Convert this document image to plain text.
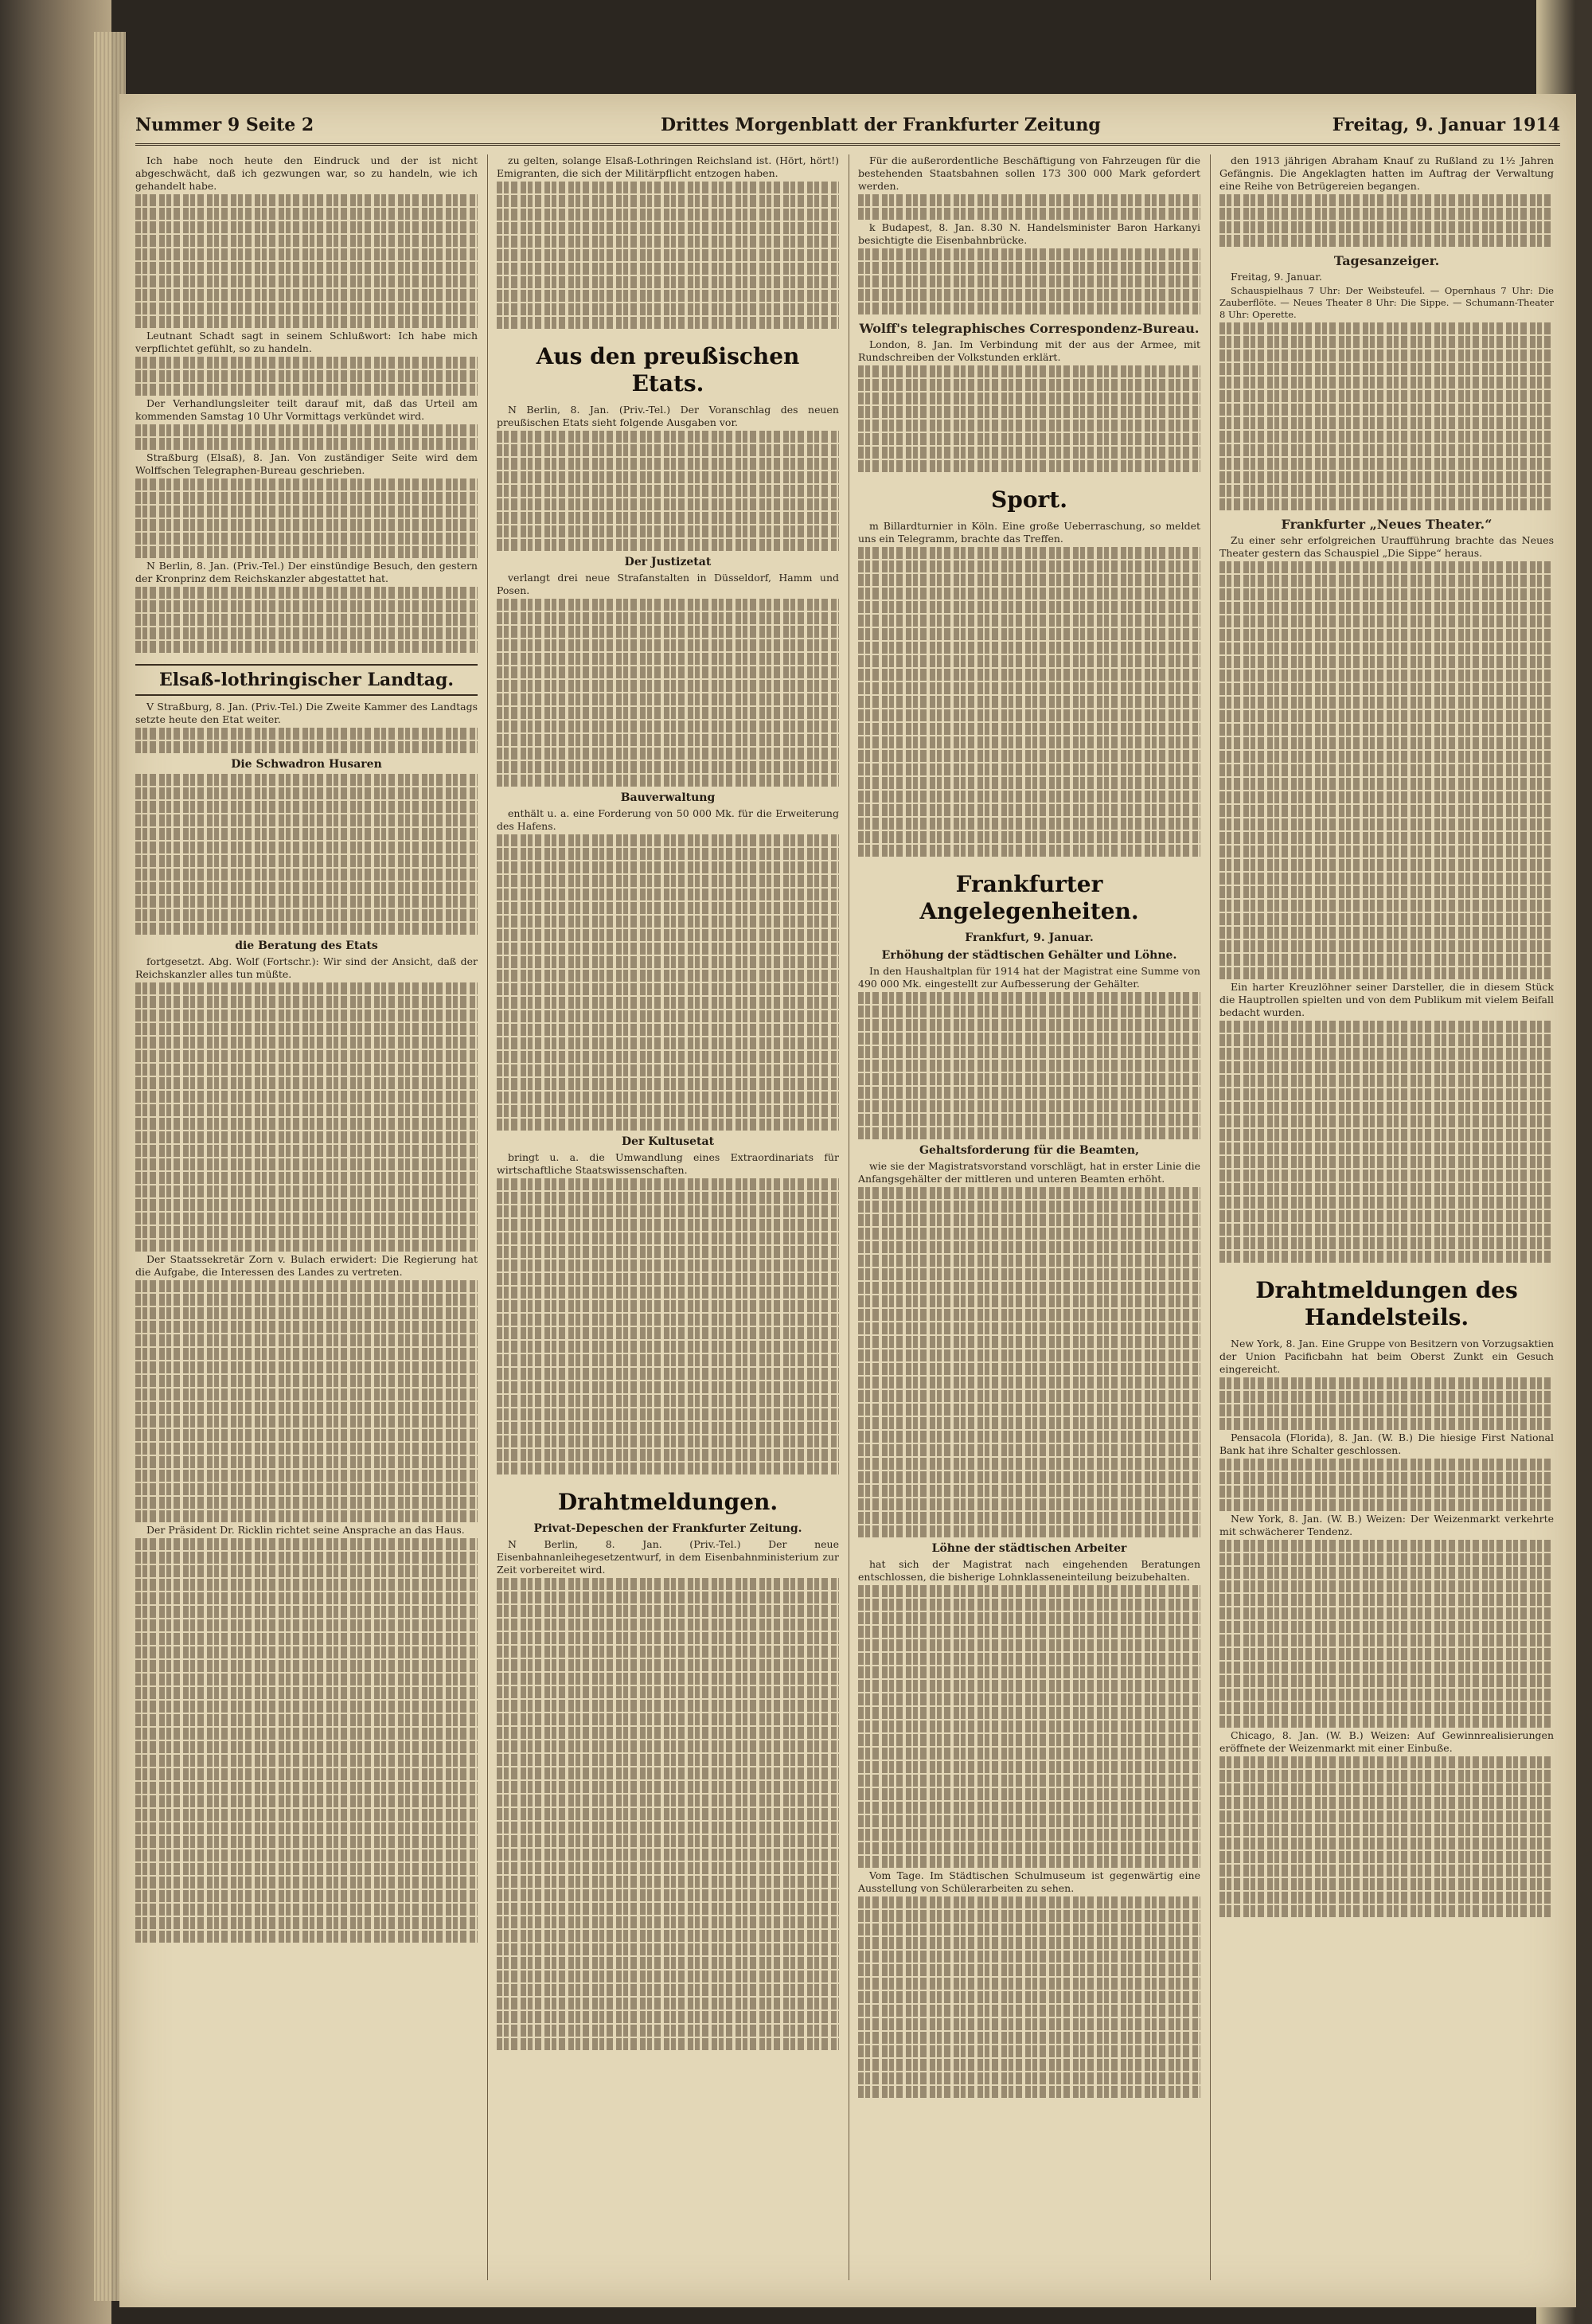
Nummer 9 Seite 2	Drittes Morgenblatt der Frankfurter Zeitung	Freitag, 9. Januar 1914

Ich habe noch heute den Eindruck und der ist nicht abgeschwächt, daß ich gezwungen war, so zu handeln, wie ich gehandelt habe.

Leutnant Schadt sagt in seinem Schlußwort: Ich habe mich verpflichtet gefühlt, so zu handeln.

Der Verhandlungsleiter teilt darauf mit, daß das Urteil am kommenden Samstag 10 Uhr Vormittags verkündet wird.

Straßburg (Elsaß), 8. Jan. Von zuständiger Seite wird dem Wolffschen Telegraphen-Bureau geschrieben.

N Berlin, 8. Jan. (Priv.-Tel.) Der einstündige Besuch, den gestern der Kronprinz dem Reichskanzler abgestattet hat.

Elsaß-lothringischer Landtag.

V Straßburg, 8. Jan. (Priv.-Tel.) Die Zweite Kammer des Landtags setzte heute den Etat weiter.

Die Schwadron Husaren
die Beratung des Etats

fortgesetzt. Abg. Wolf (Fortschr.): Wir sind der Ansicht, daß der Reichskanzler alles tun müßte.

Der Staatssekretär Zorn v. Bulach erwidert: Die Regierung hat die Aufgabe, die Interessen des Landes zu vertreten.

Der Präsident Dr. Ricklin richtet seine Ansprache an das Haus.

zu gelten, solange Elsaß-Lothringen Reichsland ist. (Hört, hört!) Emigranten, die sich der Militärpflicht entzogen haben.

Aus den preußischen Etats.

N Berlin, 8. Jan. (Priv.-Tel.) Der Voranschlag des neuen preußischen Etats sieht folgende Ausgaben vor.

Der Justizetat

verlangt drei neue Strafanstalten in Düsseldorf, Hamm und Posen.

Bauverwaltung

enthält u. a. eine Forderung von 50 000 Mk. für die Erweiterung des Hafens.

Der Kultusetat

bringt u. a. die Umwandlung eines Extraordinariats für wirtschaftliche Staatswissenschaften.

Drahtmeldungen.
Privat-Depeschen der Frankfurter Zeitung.

N Berlin, 8. Jan. (Priv.-Tel.) Der neue Eisenbahnanleihegesetzentwurf, in dem Eisenbahnministerium zur Zeit vorbereitet wird.

Für die außerordentliche Beschäftigung von Fahrzeugen für die bestehenden Staatsbahnen sollen 173 300 000 Mark gefordert werden.

k Budapest, 8. Jan. 8.30 N. Handelsminister Baron Harkanyi besichtigte die Eisenbahnbrücke.

Wolff's telegraphisches Correspondenz-Bureau.

London, 8. Jan. Im Verbindung mit der aus der Armee, mit Rundschreiben der Volkstunden erklärt.

Sport.

m Billardturnier in Köln. Eine große Ueberraschung, so meldet uns ein Telegramm, brachte das Treffen.

Frankfurter Angelegenheiten.
Frankfurt, 9. Januar.
Erhöhung der städtischen Gehälter und Löhne.

In den Haushaltplan für 1914 hat der Magistrat eine Summe von 490 000 Mk. eingestellt zur Aufbesserung der Gehälter.

Gehaltsforderung für die Beamten,

wie sie der Magistratsvorstand vorschlägt, hat in erster Linie die Anfangsgehälter der mittleren und unteren Beamten erhöht.

Löhne der städtischen Arbeiter

hat sich der Magistrat nach eingehenden Beratungen entschlossen, die bisherige Lohnklasseneinteilung beizubehalten.

Vom Tage. Im Städtischen Schulmuseum ist gegenwärtig eine Ausstellung von Schülerarbeiten zu sehen.

den 1913 jährigen Abraham Knauf zu Rußland zu 1½ Jahren Gefängnis. Die Angeklagten hatten im Auftrag der Verwaltung eine Reihe von Betrügereien begangen.

Tagesanzeiger.

Freitag, 9. Januar.

Schauspielhaus 7 Uhr: Der Weibsteufel. — Opernhaus 7 Uhr: Die Zauberflöte. — Neues Theater 8 Uhr: Die Sippe. — Schumann-Theater 8 Uhr: Operette.

Frankfurter „Neues Theater.“

Zu einer sehr erfolgreichen Uraufführung brachte das Neues Theater gestern das Schauspiel „Die Sippe“ heraus.

Ein harter Kreuzlöhner seiner Darsteller, die in diesem Stück die Hauptrollen spielten und von dem Publikum mit vielem Beifall bedacht wurden.

Drahtmeldungen des Handelsteils.

New York, 8. Jan. Eine Gruppe von Besitzern von Vorzugsaktien der Union Pacificbahn hat beim Oberst Zunkt ein Gesuch eingereicht.

Pensacola (Florida), 8. Jan. (W. B.) Die hiesige First National Bank hat ihre Schalter geschlossen.

New York, 8. Jan. (W. B.) Weizen: Der Weizenmarkt verkehrte mit schwächerer Tendenz.

Chicago, 8. Jan. (W. B.) Weizen: Auf Gewinnrealisierungen eröffnete der Weizenmarkt mit einer Einbuße.
